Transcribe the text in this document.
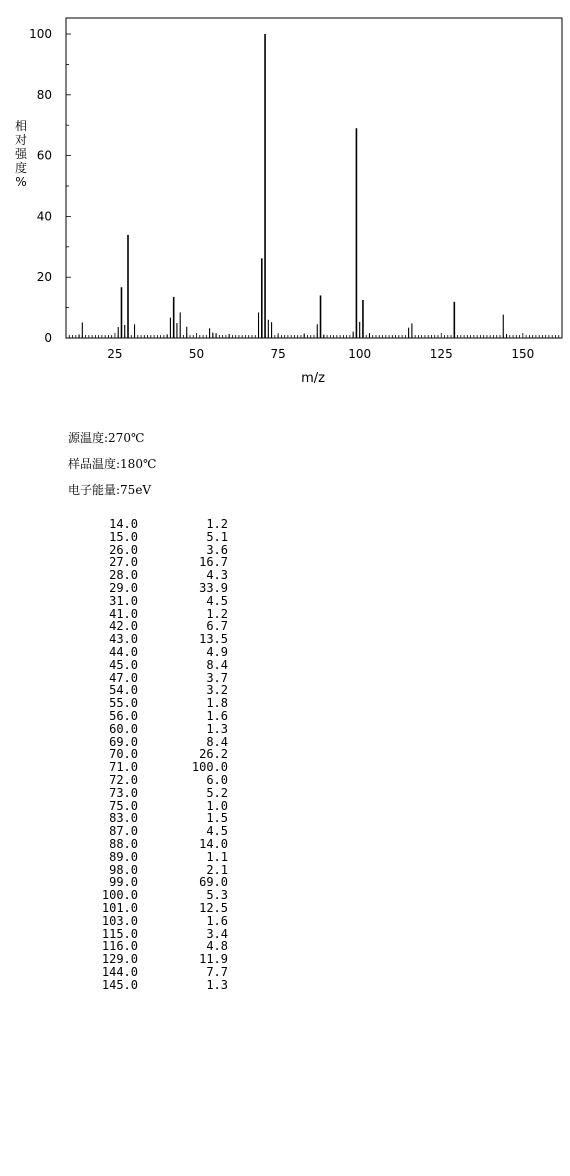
25	50	75	100	125	150
0
20
40
60
80
100
m/z
相对强度%
源温度:270℃
样品温度:180℃
电子能量:75eV
14.0	1.2
15.0	5.1
26.0	3.6
27.0	16.7
28.0	4.3
29.0	33.9
31.0	4.5
41.0	1.2
42.0	6.7
43.0	13.5
44.0	4.9
45.0	8.4
47.0	3.7
54.0	3.2
55.0	1.8
56.0	1.6
60.0	1.3
69.0	8.4
70.0	26.2
71.0	100.0
72.0	6.0
73.0	5.2
75.0	1.0
83.0	1.5
87.0	4.5
88.0	14.0
89.0	1.1
98.0	2.1
99.0	69.0
100.0	5.3
101.0	12.5
103.0	1.6
115.0	3.4
116.0	4.8
129.0	11.9
144.0	7.7
145.0	1.3
